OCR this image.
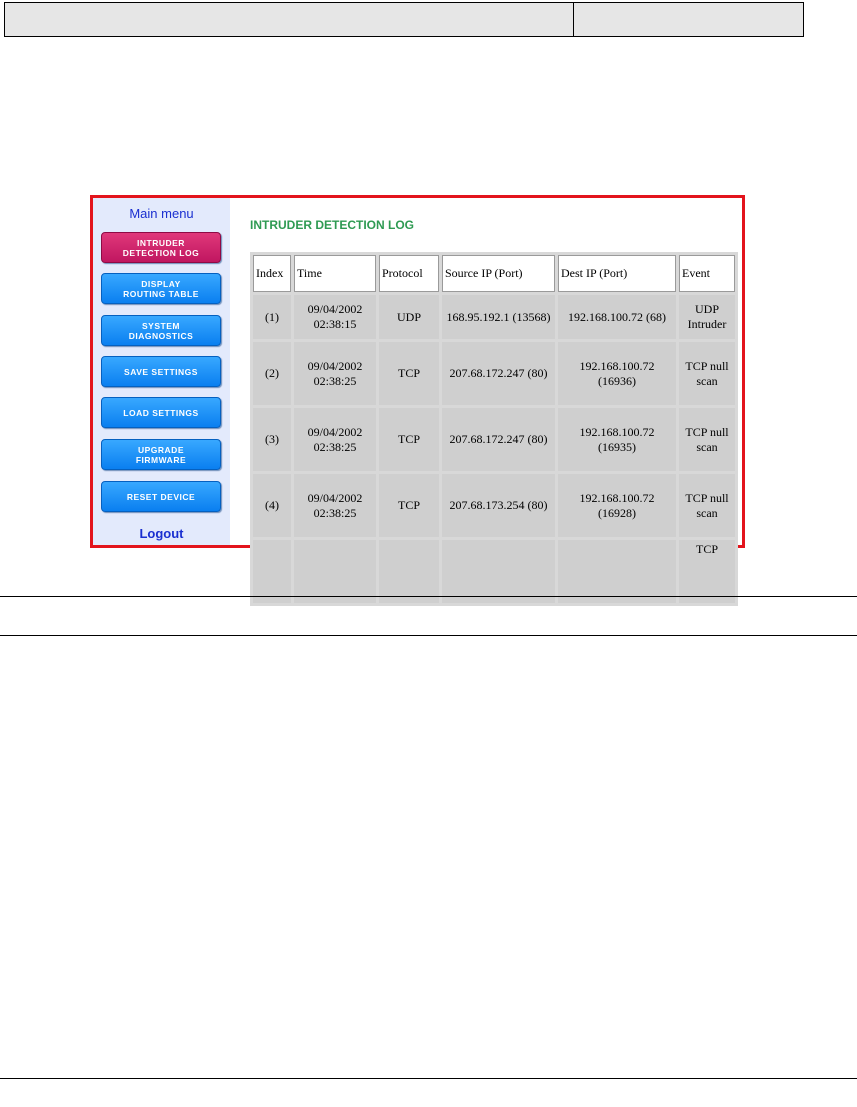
Main menu
INTRUDER
DETECTION LOG
DISPLAY
ROUTING TABLE
SYSTEM
DIAGNOSTICS
SAVE SETTINGS
LOAD SETTINGS
UPGRADE
FIRMWARE
RESET DEVICE
Logout
INTRUDER DETECTION LOG
Index	Time	Protocol	Source IP (Port)	Dest IP (Port)	Event
(1)	09/04/2002 02:38:15	UDP	168.95.192.1 (13568)	192.168.100.72 (68)	UDP Intruder
(2)	09/04/2002 02:38:25	TCP	207.68.172.247 (80)	192.168.100.72 (16936)	TCP null scan
(3)	09/04/2002 02:38:25	TCP	207.68.172.247 (80)	192.168.100.72 (16935)	TCP null scan
(4)	09/04/2002 02:38:25	TCP	207.68.173.254 (80)	192.168.100.72 (16928)	TCP null scan
					TCP
